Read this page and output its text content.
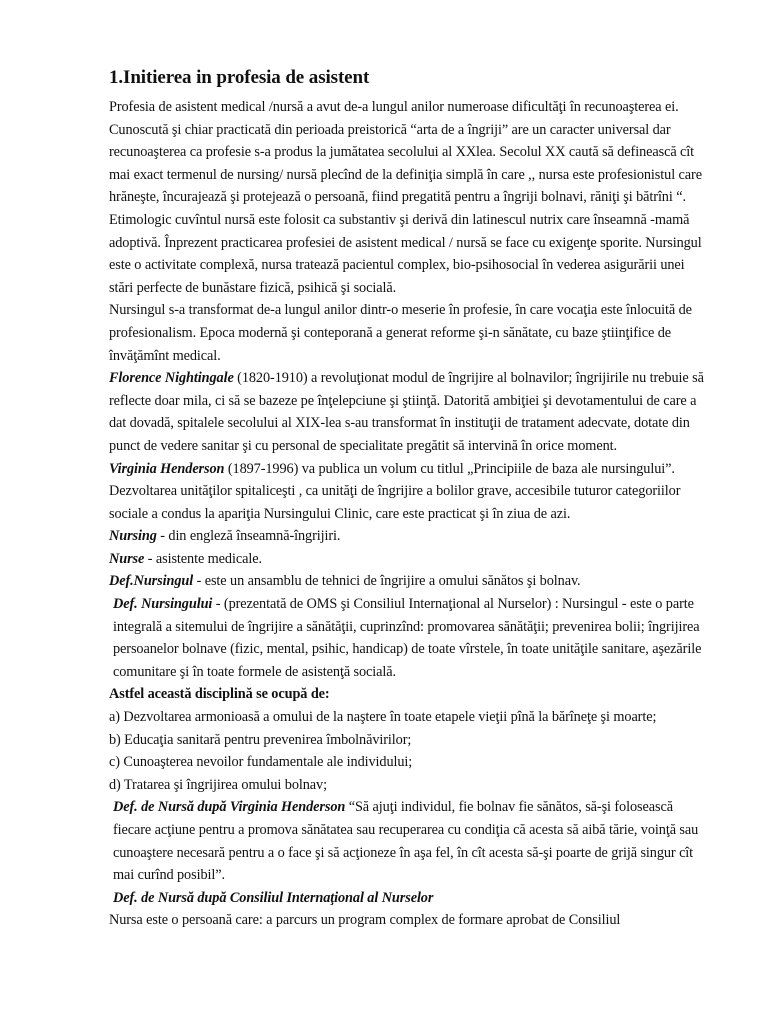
1.Initierea in profesia de asistent

Profesia de asistent medical /nursă a avut de-a lungul anilor numeroase dificultăţi în recunoaşterea ei. Cunoscută şi chiar practicată din perioada preistorică “arta de a îngriji” are un caracter universal dar recunoaşterea ca profesie s-a produs la jumătatea secolului al XXlea. Secolul XX caută să definească cît mai exact termenul de nursing/ nursă plecînd de la definiţia simplă în care ,, nursa este profesionistul care hrăneşte, încurajează şi protejează o persoană, fiind pregatită pentru a îngriji bolnavi, răniţi şi bătrîni “. Etimologic cuvîntul nursă este folosit ca substantiv şi derivă din latinescul nutrix care înseamnă -mamă adoptivă. Înprezent practicarea profesiei de asistent medical / nursă se face cu exigenţe sporite. Nursingul este o activitate complexă, nursa tratează pacientul complex, bio-psihosocial în vederea asigurării unei stări perfecte de bunăstare fizică, psihică şi socială.

Nursingul s-a transformat de-a lungul anilor dintr-o meserie în profesie, în care vocaţia este înlocuită de profesionalism. Epoca modernă şi conteporană a generat reforme şi-n sănătate, cu baze ştiinţifice de învăţămînt medical.

Florence Nightingale (1820-1910) a revoluţionat modul de îngrijire al bolnavilor; îngrijirile nu trebuie să reflecte doar mila, ci să se bazeze pe înţelepciune şi ştiinţă. Datorită ambiţiei şi devotamentului de care a dat dovadă, spitalele secolului al XIX-lea s-au transformat în instituţii de tratament adecvate, dotate din punct de vedere sanitar şi cu personal de specialitate pregătit să intervină în orice moment.

Virginia Henderson (1897-1996) va publica un volum cu titlul „Principiile de baza ale nursingului”. Dezvoltarea unităţilor spitaliceşti , ca unităţi de îngrijire a bolilor grave, accesibile tuturor categoriilor sociale a condus la apariţia Nursingului Clinic, care este practicat şi în ziua de azi.

Nursing - din engleză înseamnă-îngrijiri.

Nurse - asistente medicale.

Def.Nursingul - este un ansamblu de tehnici de îngrijire a omului sănătos şi bolnav.

Def. Nursingului - (prezentată de OMS şi Consiliul Internaţional al Nurselor) : Nursingul - este o parte integrală a sitemului de îngrijire a sănătăţii, cuprinzînd: promovarea sănătăţii; prevenirea bolii; îngrijirea persoanelor bolnave (fizic, mental, psihic, handicap) de toate vîrstele, în toate unităţile sanitare, aşezările comunitare şi în toate formele de asistenţă socială.

Astfel această disciplină se ocupă de:

a) Dezvoltarea armonioasă a omului de la naştere în toate etapele vieţii pînă la bărîneţe şi moarte;

b) Educaţia sanitară pentru prevenirea îmbolnăvirilor;

c) Cunoaşterea nevoilor fundamentale ale individului;

d) Tratarea şi îngrijirea omului bolnav;

Def. de Nursă după Virginia Henderson “Să ajuţi individul, fie bolnav fie sănătos, să-şi folosească fiecare acţiune pentru a promova sănătatea sau recuperarea cu condiţia că acesta să aibă tărie, voinţă sau cunoaştere necesară pentru a o face şi să acţioneze în aşa fel, în cît acesta să-şi poarte de grijă singur cît mai curînd posibil”.

Def. de Nursă după Consiliul Internaţional al Nurselor

Nursa este o persoană care: a parcurs un program complex de formare aprobat de Consiliul
